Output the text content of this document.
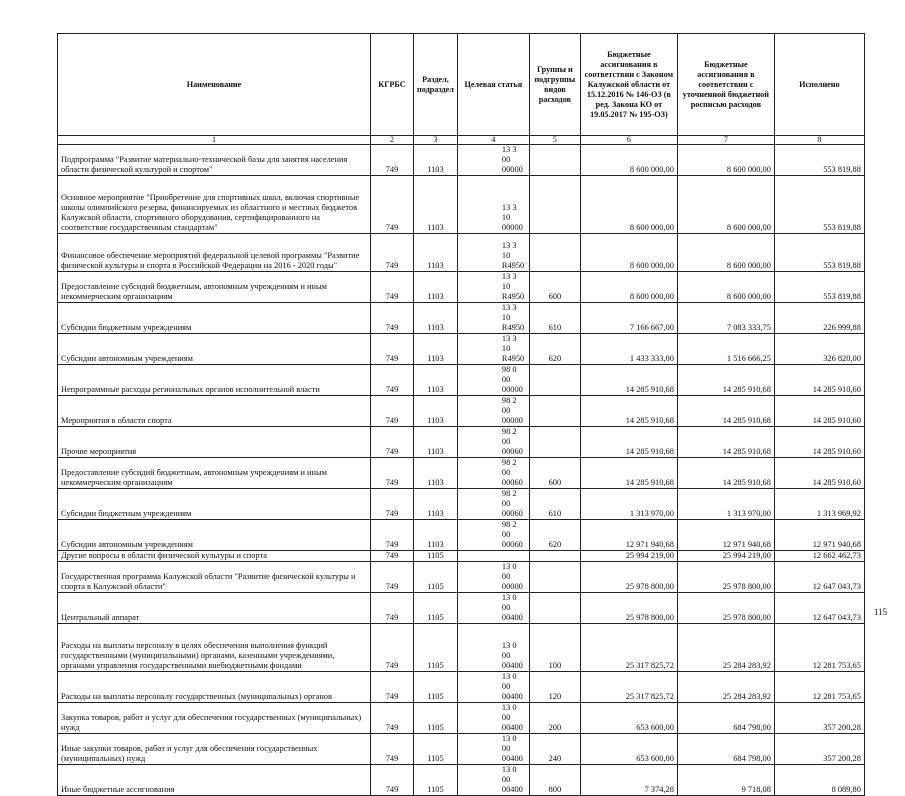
Наименование	КГРБС	Раздел, подраздел	Целевая статья	Группы и подгруппы видов расходов	Бюджетные ассигнования в соответствии с Законом Калужской области от 15.12.2016 № 146-ОЗ (в ред. Закона КО от 19.05.2017 № 195-ОЗ)	Бюджетные ассигнования в соответствии с уточненной бюджетной росписью расходов	Исполнено
1	2	3	4	5	6	7	8
Подпрограмма "Развитие материально-технической базы для занятия населения области физической культурой и спортом"	749	1103	13 3 00 00000		8 600 000,00	8 600 000,00	553 819,88
Основное мероприятие "Приобретение для спортивных школ, включая спортивные школы олимпийского резерва, финансируемых из областного и местных бюджетов Калужской области, спортивного оборудования, сертифицированного на соответствие государственным стандартам"	749	1103	13 3 10 00000		8 600 000,00	8 600 000,00	553 819,88
Финансовое обеспечение мероприятий федеральной целевой программы "Развитие физической культуры и спорта в Российской Федерации на 2016 - 2020 годы"	749	1103	13 3 10 R4950		8 600 000,00	8 600 000,00	553 819,88
Предоставление субсидий бюджетным, автономным учреждениям и иным некоммерческим организациям	749	1103	13 3 10 R4950	600	8 600 000,00	8 600 000,00	553 819,88
Субсидии бюджетным учреждениям	749	1103	13 3 10 R4950	610	7 166 667,00	7 083 333,75	226 999,88
Субсидии автономным учреждениям	749	1103	13 3 10 R4950	620	1 433 333,00	1 516 666,25	326 820,00
Непрограммные расходы региональных органов исполнительной власти	749	1103	98 0 00 00000		14 285 910,68	14 285 910,68	14 285 910,60
Мероприятия в области спорта	749	1103	98 2 00 00000		14 285 910,68	14 285 910,68	14 285 910,60
Прочие мероприятия	749	1103	98 2 00 00060		14 285 910,68	14 285 910,68	14 285 910,60
Предоставление субсидий бюджетным, автономным учреждениям и иным некоммерческим организациям	749	1103	98 2 00 00060	600	14 285 910,68	14 285 910,68	14 285 910,60
Субсидии бюджетным учреждениям	749	1103	98 2 00 00060	610	1 313 970,00	1 313 970,00	1 313 969,92
Субсидии автономным учреждениям	749	1103	98 2 00 00060	620	12 971 940,68	12 971 940,68	12 971 940,68
Другие вопросы в области физической культуры и спорта	749	1105			25 994 219,00	25 994 219,00	12 662 462,73
Государственная программа Калужской области "Развитие физической культуры и спорта в Калужской области"	749	1105	13 0 00 00000		25 978 800,00	25 978 800,00	12 647 043,73
Центральный аппарат	749	1105	13 0 00 00400		25 978 800,00	25 978 800,00	12 647 043,73
Расходы на выплаты персоналу в целях обеспечения выполнения функций государственными (муниципальными) органами, казенными учреждениями, органами управления государственными внебюджетными фондами	749	1105	13 0 00 00400	100	25 317 825,72	25 284 283,92	12 281 753,65
Расходы на выплаты персоналу государственных (муниципальных) органов	749	1105	13 0 00 00400	120	25 317 825,72	25 284 283,92	12 281 753,65
Закупка товаров, работ и услуг для обеспечения государственных (муниципальных) нужд	749	1105	13 0 00 00400	200	653 600,00	684 798,00	357 200,28
Иные закупки товаров, работ и услуг для обеспечения государственных (муниципальных) нужд	749	1105	13 0 00 00400	240	653 600,00	684 798,00	357 200,28
Иные бюджетные ассигнования	749	1105	13 0 00 00400	800	7 374,28	9 718,08	8 089,80
115
